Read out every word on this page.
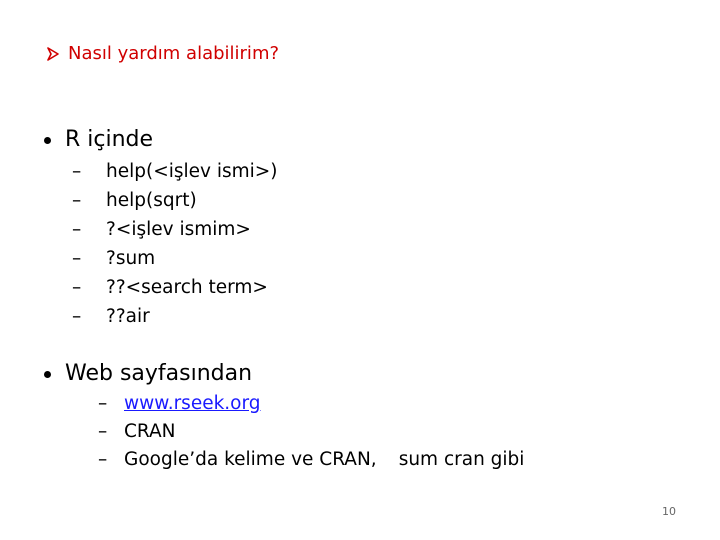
Nasıl yardım alabilirim?
R içinde
–	help(<işlev ismi>)
–	help(sqrt)
–	?<işlev ismim>
–	?sum
–	??<search term>
–	??air
Web sayfasından
– www.rseek.org
– CRAN
– Google’da kelime ve CRAN, sum cran gibi
10
